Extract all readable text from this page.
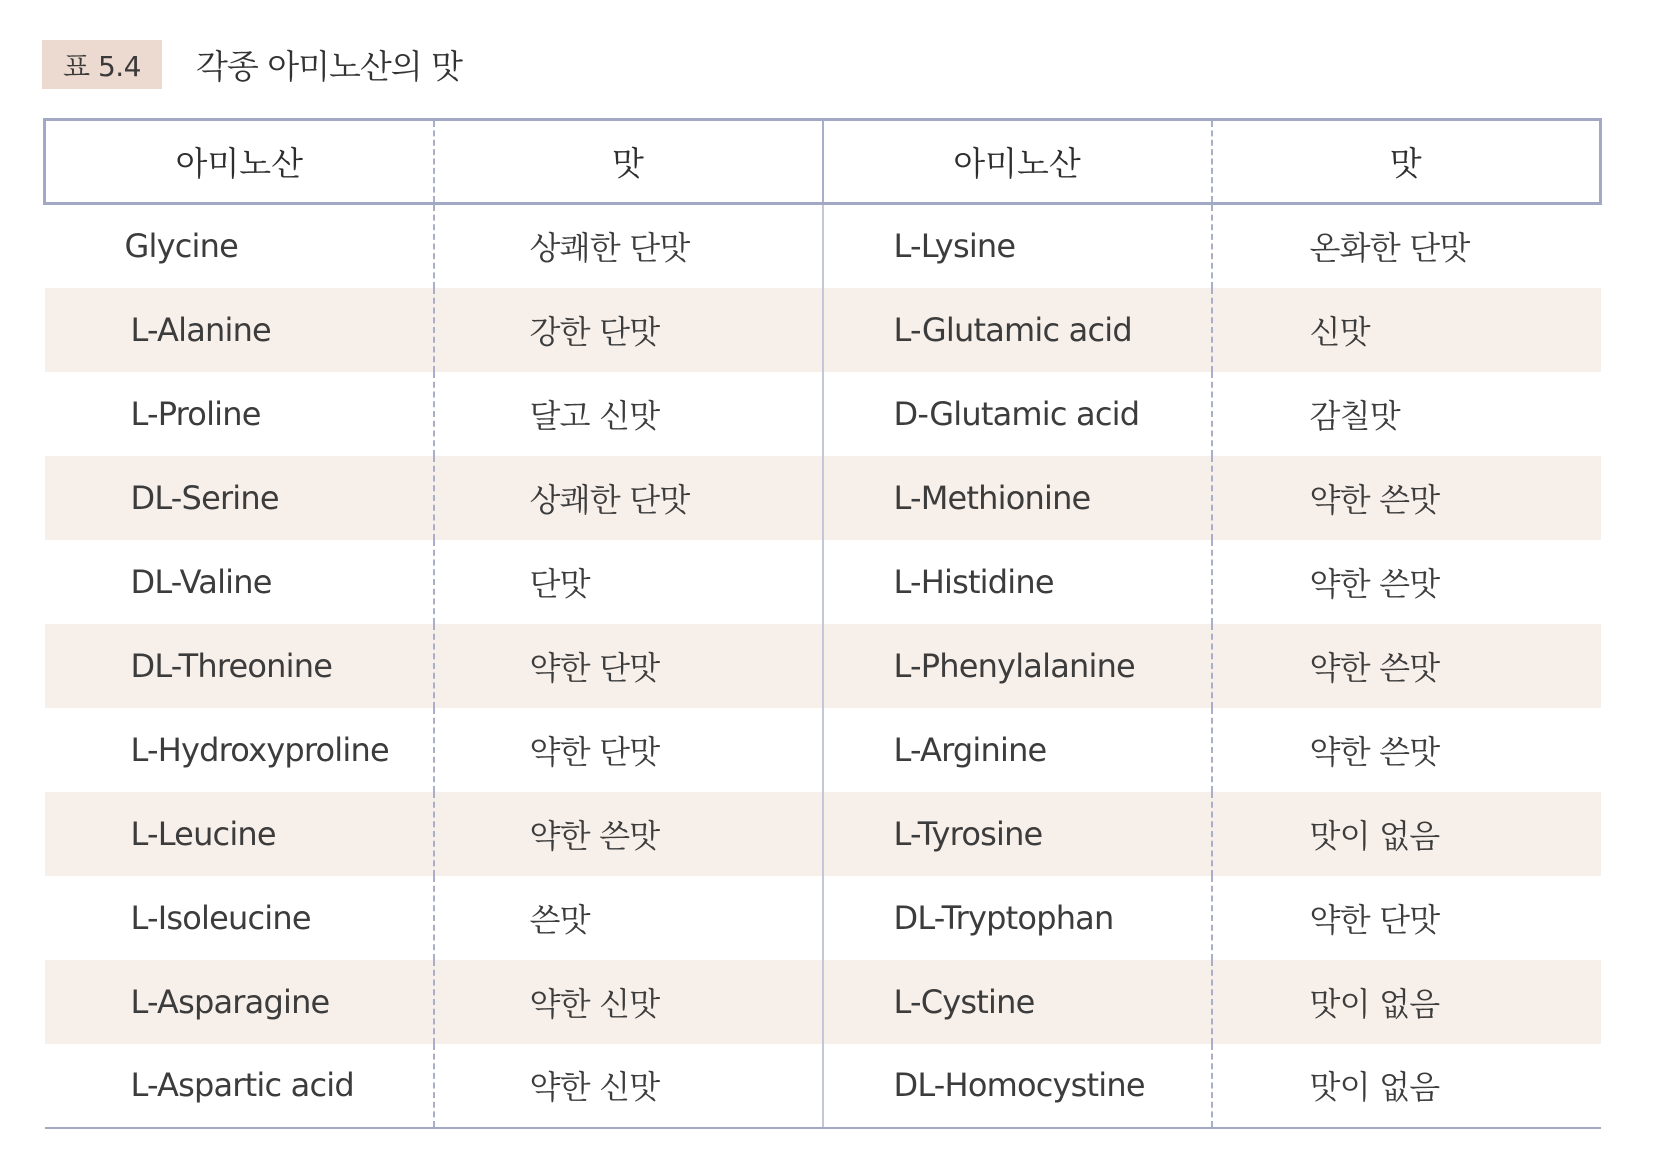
표 5.4	각종 아미노산의 맛
아미노산	맛	아미노산	맛
Glycine	상쾌한 단맛	L-Lysine	온화한 단맛
L-Alanine	강한 단맛	L-Glutamic acid	신맛
L-Proline	달고 신맛	D-Glutamic acid	감칠맛
DL-Serine	상쾌한 단맛	L-Methionine	약한 쓴맛
DL-Valine	단맛	L-Histidine	약한 쓴맛
DL-Threonine	약한 단맛	L-Phenylalanine	약한 쓴맛
L-Hydroxyproline	약한 단맛	L-Arginine	약한 쓴맛
L-Leucine	약한 쓴맛	L-Tyrosine	맛이 없음
L-Isoleucine	쓴맛	DL-Tryptophan	약한 단맛
L-Asparagine	약한 신맛	L-Cystine	맛이 없음
L-Aspartic acid	약한 신맛	DL-Homocystine	맛이 없음
